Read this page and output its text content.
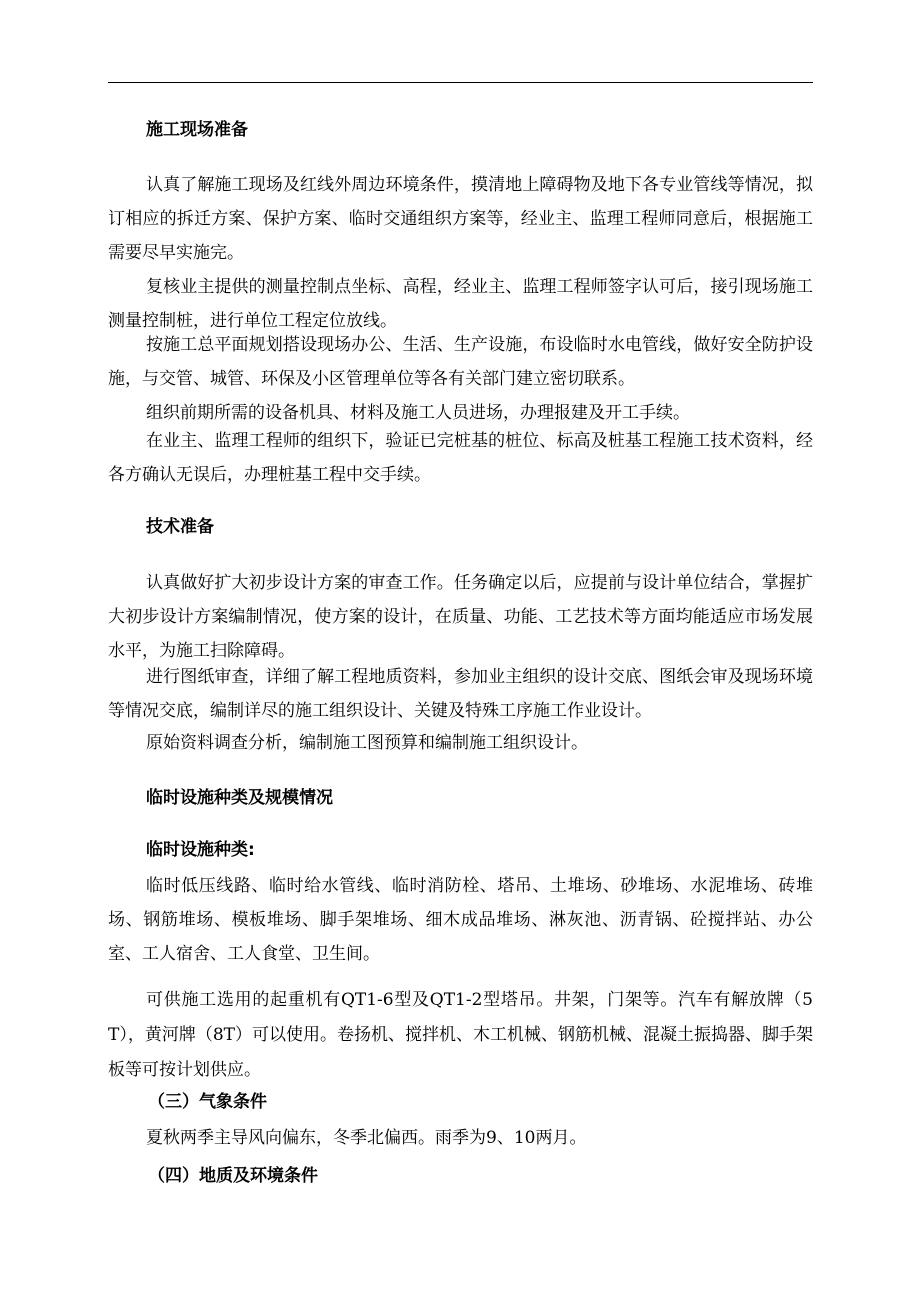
施工现场准备

认真了解施工现场及红线外周边环境条件，摸清地上障碍物及地下各专业管线等情况，拟订相应的拆迁方案、保护方案、临时交通组织方案等，经业主、监理工程师同意后，根据施工需要尽早实施完。

复核业主提供的测量控制点坐标、高程，经业主、监理工程师签字认可后，接引现场施工测量控制桩，进行单位工程定位放线。

按施工总平面规划搭设现场办公、生活、生产设施，布设临时水电管线，做好安全防护设施，与交管、城管、环保及小区管理单位等各有关部门建立密切联系。

组织前期所需的设备机具、材料及施工人员进场，办理报建及开工手续。

在业主、监理工程师的组织下，验证已完桩基的桩位、标高及桩基工程施工技术资料，经各方确认无误后，办理桩基工程中交手续。

技术准备

认真做好扩大初步设计方案的审查工作。任务确定以后，应提前与设计单位结合，掌握扩大初步设计方案编制情况，使方案的设计，在质量、功能、工艺技术等方面均能适应市场发展水平，为施工扫除障碍。

进行图纸审查，详细了解工程地质资料，参加业主组织的设计交底、图纸会审及现场环境等情况交底，编制详尽的施工组织设计、关键及特殊工序施工作业设计。

原始资料调查分析，编制施工图预算和编制施工组织设计。

临时设施种类及规模情况
临时设施种类:

临时低压线路、临时给水管线、临时消防栓、塔吊、土堆场、砂堆场、水泥堆场、砖堆场、钢筋堆场、模板堆场、脚手架堆场、细木成品堆场、淋灰池、沥青锅、砼搅拌站、办公室、工人宿舍、工人食堂、卫生间。

可供施工选用的起重机有QT1-6型及QT1-2型塔吊。井架，门架等。汽车有解放牌（5T），黄河牌（8T）可以使用。卷扬机、搅拌机、木工机械、钢筋机械、混凝土振捣器、脚手架板等可按计划供应。

（三）气象条件

夏秋两季主导风向偏东，冬季北偏西。雨季为9、10两月。

（四）地质及环境条件
